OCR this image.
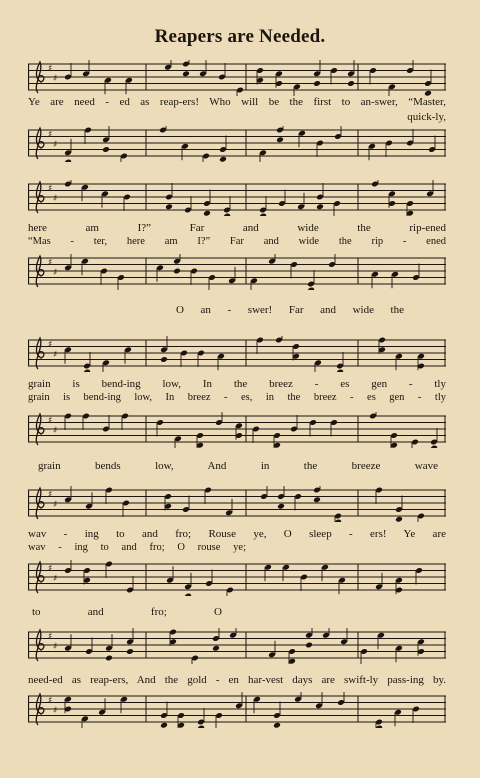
Reapers are Needed.
♯
♯
Ye are need - ed as reap-ers! Who will be the first to an-swer, “Master,
quick-ly,
♯
♯
♯
♯
here am I?” Far and wide the rip-ened
“Mas - ter, here am I?” Far and wide the rip - ened
♯
♯
O an - swer! Far and wide the
♯
♯
grain is bend-ing low, In the breez - es gen - tly
grain is bend-ing low, In breez - es, in the breez - es gen - tly
♯
♯
grain bends low, And in the breeze wave
♯
♯
wav - ing to and fro; Rouse ye, O sleep - ers! Ye are
wav - ing to and fro; O rouse ye;
♯
♯
to and fro; O
♯
♯
need-ed as reap-ers, And the gold - en har-vest days are swift-ly pass-ing by.
♯
♯
